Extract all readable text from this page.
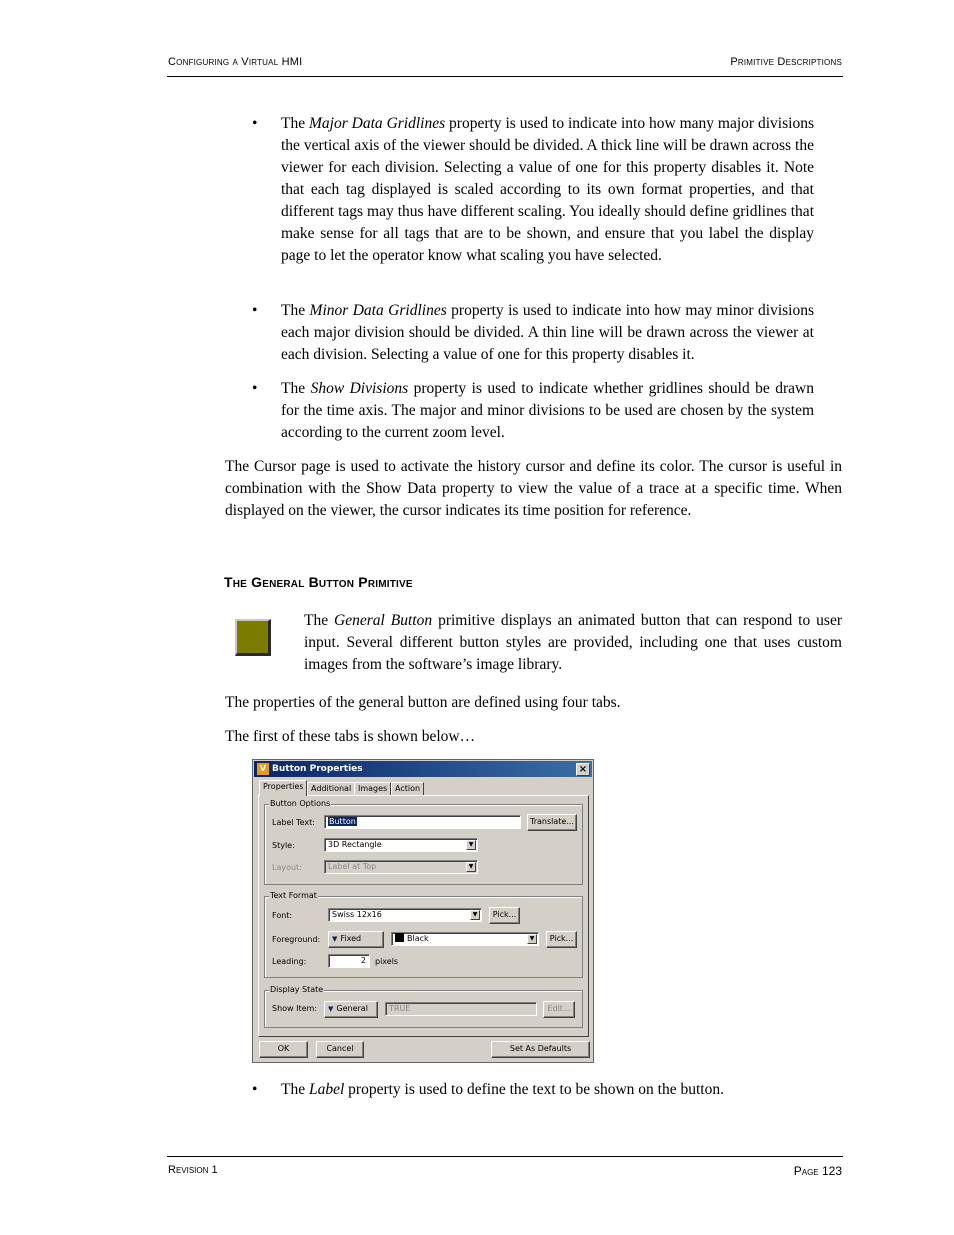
Configuring a Virtual HMI	Primitive Descriptions
• The Major Data Gridlines property is used to indicate into how many major divisions the vertical axis of the viewer should be divided. A thick line will be drawn across the viewer for each division. Selecting a value of one for this property disables it. Note that each tag displayed is scaled according to its own format properties, and that different tags may thus have different scaling. You ideally should define gridlines that make sense for all tags that are to be shown, and ensure that you label the display page to let the operator know what scaling you have selected.
• The Minor Data Gridlines property is used to indicate into how may minor divisions each major division should be divided. A thin line will be drawn across the viewer at each division. Selecting a value of one for this property disables it.
• The Show Divisions property is used to indicate whether gridlines should be drawn for the time axis. The major and minor divisions to be used are chosen by the system according to the current zoom level.
The Cursor page is used to activate the history cursor and define its color. The cursor is useful in combination with the Show Data property to view the value of a trace at a specific time. When displayed on the viewer, the cursor indicates its time position for reference.
The General Button Primitive
The General Button primitive displays an animated button that can respond to user input. Several different button styles are provided, including one that uses custom images from the software’s image library.
The properties of the general button are defined using four tabs.
The first of these tabs is shown below…
V Button Properties	×
Properties Additional Images Action
Button Options
Label Text:	Button	Translate...
Style:	3D Rectangle	▼
Layout:	Label at Top	▼
Text Format
Font:	Swiss 12x16	▼	Pick...
Foreground:	▼ Fixed	Black	▼	Pick...
Leading:	2	pixels
Display State
Show Item:	▼ General	TRUE	Edit...
OK	Cancel	Set As Defaults
• The Label property is used to define the text to be shown on the button.
Revision 1	Page 123
